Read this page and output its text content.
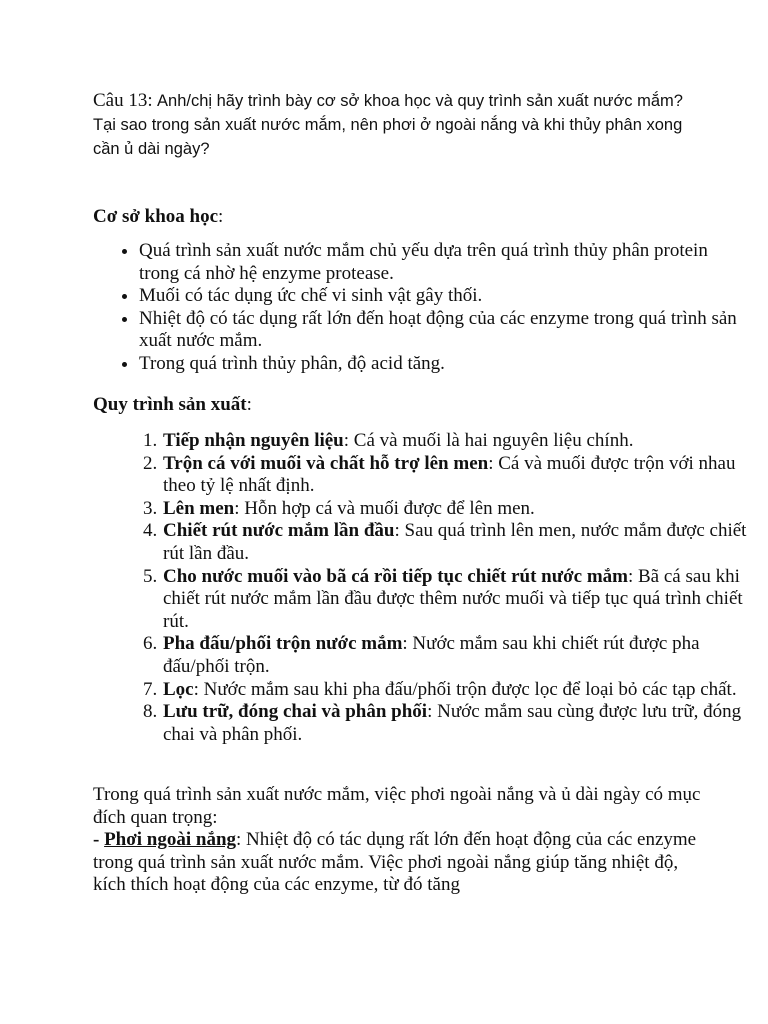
Câu 13: Anh/chị hãy trình bày cơ sở khoa học và quy trình sản xuất nước mắm? Tại sao trong sản xuất nước mắm, nên phơi ở ngoài nắng và khi thủy phân xong cần ủ dài ngày?
Cơ sở khoa học:
• Quá trình sản xuất nước mắm chủ yếu dựa trên quá trình thủy phân protein trong cá nhờ hệ enzyme protease.
• Muối có tác dụng ức chế vi sinh vật gây thối.
• Nhiệt độ có tác dụng rất lớn đến hoạt động của các enzyme trong quá trình sản xuất nước mắm.
• Trong quá trình thủy phân, độ acid tăng.
Quy trình sản xuất:
1. Tiếp nhận nguyên liệu: Cá và muối là hai nguyên liệu chính.
2. Trộn cá với muối và chất hỗ trợ lên men: Cá và muối được trộn với nhau theo tỷ lệ nhất định.
3. Lên men: Hỗn hợp cá và muối được để lên men.
4. Chiết rút nước mắm lần đầu: Sau quá trình lên men, nước mắm được chiết rút lần đầu.
5. Cho nước muối vào bã cá rồi tiếp tục chiết rút nước mắm: Bã cá sau khi chiết rút nước mắm lần đầu được thêm nước muối và tiếp tục quá trình chiết rút.
6. Pha đấu/phối trộn nước mắm: Nước mắm sau khi chiết rút được pha đấu/phối trộn.
7. Lọc: Nước mắm sau khi pha đấu/phối trộn được lọc để loại bỏ các tạp chất.
8. Lưu trữ, đóng chai và phân phối: Nước mắm sau cùng được lưu trữ, đóng chai và phân phối.

Trong quá trình sản xuất nước mắm, việc phơi ngoài nắng và ủ dài ngày có mục đích quan trọng:

- Phơi ngoài nắng: Nhiệt độ có tác dụng rất lớn đến hoạt động của các enzyme trong quá trình sản xuất nước mắm. Việc phơi ngoài nắng giúp tăng nhiệt độ, kích thích hoạt động của các enzyme, từ đó tăng
